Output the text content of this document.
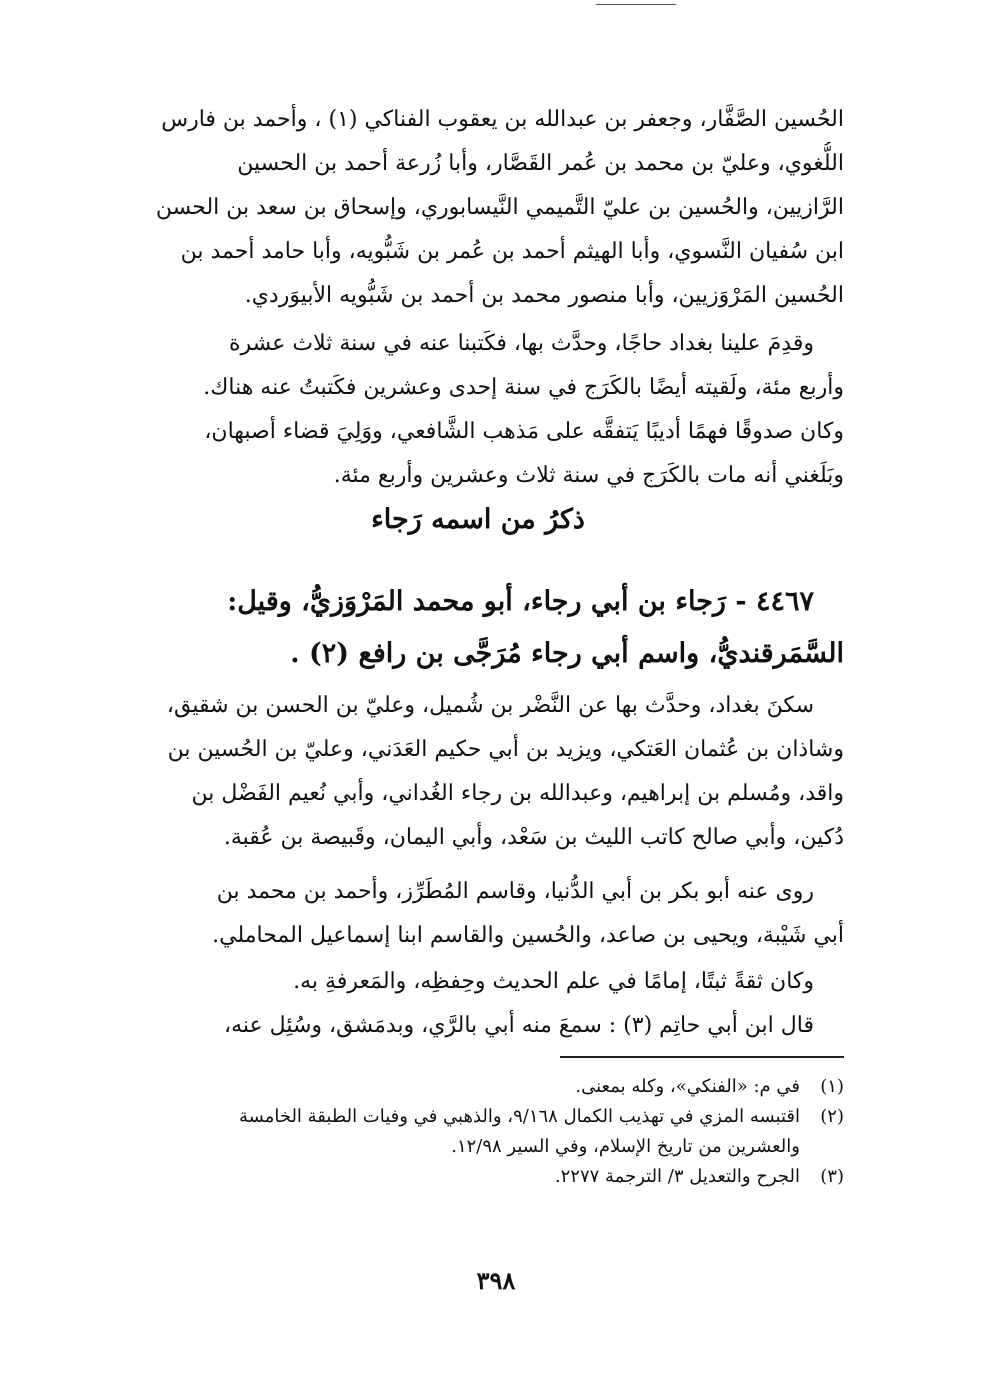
الحُسين الصَّفَّار، وجعفر بن عبدالله بن يعقوب الفناكي (١) ، وأحمد بن فارس
اللُّغوي، وعليّ بن محمد بن عُمر القَصَّار، وأبا زُرعة أحمد بن الحسين
الرَّازيين، والحُسين بن عليّ التَّميمي النَّيسابوري، وإسحاق بن سعد بن الحسن
ابن سُفيان النَّسوي، وأبا الهيثم أحمد بن عُمر بن شَبُّويه، وأبا حامد أحمد بن
الحُسين المَرْوَزيين، وأبا منصور محمد بن أحمد بن شَبُّويه الأبيوَردي.
وقدِمَ علينا بغداد حاجًا، وحدَّث بها، فكَتبنا عنه في سنة ثلاث عشرة
وأربع مئة، ولَقيته أيضًا بالكَرَج في سنة إحدى وعشرين فكَتبتُ عنه هناك.
وكان صدوقًا فهمًا أديبًا يَتفقَّه على مَذهب الشَّافعي، ووَلِيَ قضاء أصبهان،
وبَلَغني أنه مات بالكَرَج في سنة ثلاث وعشرين وأربع مئة.
ذكرُ من اسمه رَجاء
٤٤٦٧ - رَجاء بن أبي رجاء، أبو محمد المَرْوَزيُّ، وقيل:
السَّمَرقنديُّ، واسم أبي رجاء مُرَجَّى بن رافع (٢) .
سكنَ بغداد، وحدَّث بها عن النَّضْر بن شُميل، وعليّ بن الحسن بن شقيق،
وشاذان بن عُثمان العَتكي، ويزيد بن أبي حكيم العَدَني، وعليّ بن الحُسين بن
واقد، ومُسلم بن إبراهيم، وعبدالله بن رجاء الغُداني، وأبي نُعيم الفَضْل بن
دُكين، وأبي صالح كاتب الليث بن سَعْد، وأبي اليمان، وقَبيصة بن عُقبة.
روى عنه أبو بكر بن أبي الدُّنيا، وقاسم المُطَرِّز، وأحمد بن محمد بن
أبي شَيْبة، ويحيى بن صاعد، والحُسين والقاسم ابنا إسماعيل المحاملي.
وكان ثقةً ثبتًا، إمامًا في علم الحديث وحِفظِه، والمَعرفةِ به.
قال ابن أبي حاتِم (٣) : سمعَ منه أبي بالرَّي، وبدمَشق، وسُئِل عنه،
(١)
في م: «الفنكي»، وكله بمعنى.
(٢)
اقتبسه المزي في تهذيب الكمال ٩/١٦٨، والذهبي في وفيات الطبقة الخامسة
والعشرين من تاريخ الإسلام، وفي السير ١٢/٩٨.
(٣)
الجرح والتعديل ٣/ الترجمة ٢٢٧٧.
٣٩٨
